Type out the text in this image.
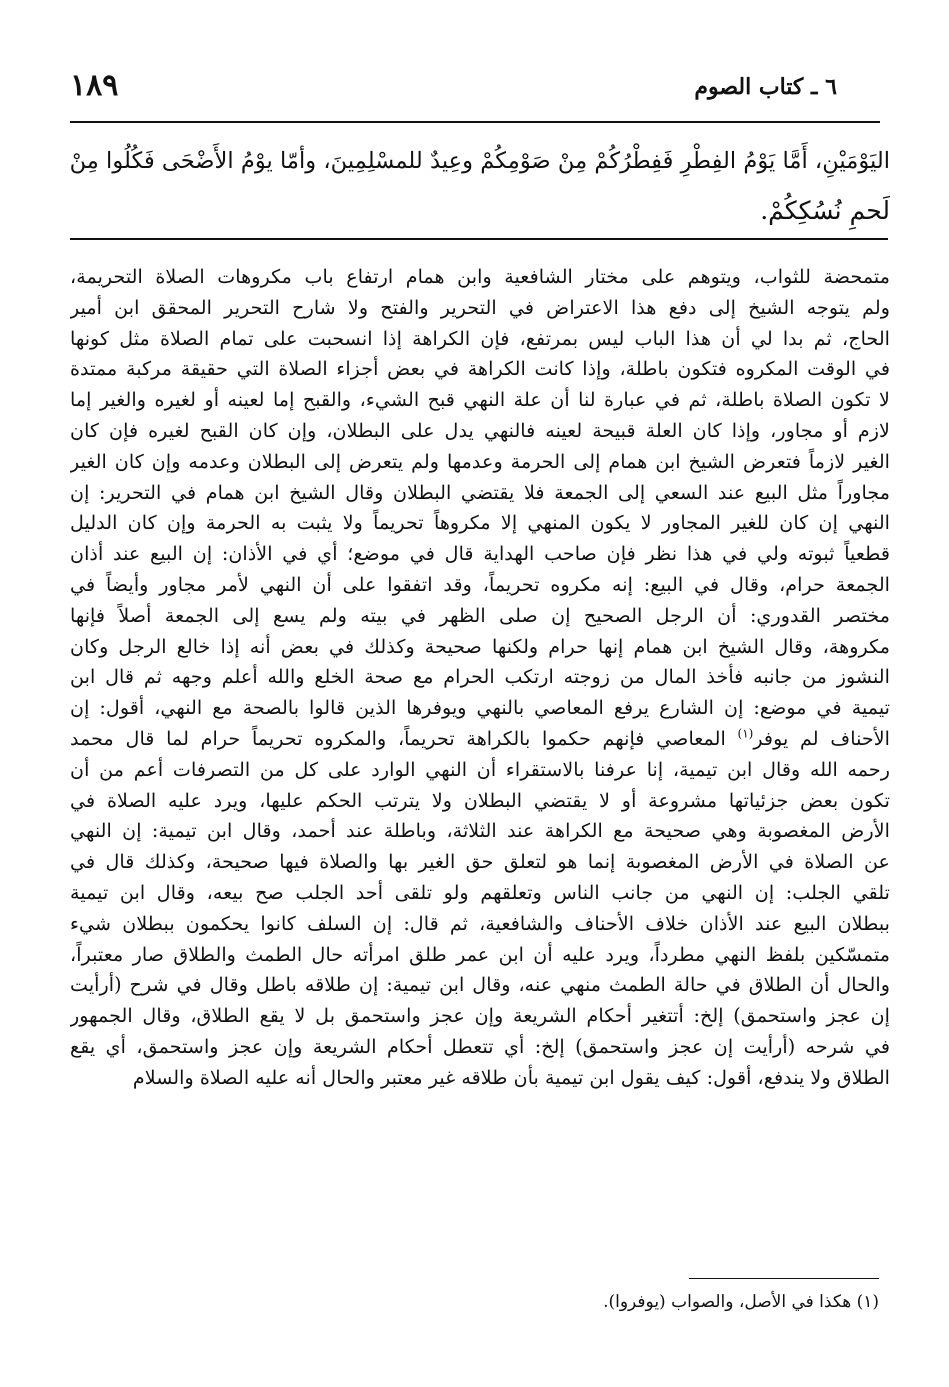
٦ ـ كتاب الصوم
١٨٩
اليَوْمَيْنِ، أَمَّا يَوْمُ الفِطْرِ فَفِطْرُكُمْ مِنْ صَوْمِكُمْ وعِيدٌ للمسْلِمِينَ، وأمّا يوْمُ الأَضْحَى فَكُلُوا مِنْ
لَحمِ نُسُكِكُمْ.
متمحضة للثواب، ويتوهم على مختار الشافعية وابن همام ارتفاع باب مكروهات الصلاة التحريمة،
ولم يتوجه الشيخ إلى دفع هذا الاعتراض في التحرير والفتح ولا شارح التحرير المحقق ابن أمير
الحاج، ثم بدا لي أن هذا الباب ليس بمرتفع، فإن الكراهة إذا انسحبت على تمام الصلاة مثل كونها
في الوقت المكروه فتكون باطلة، وإذا كانت الكراهة في بعض أجزاء الصلاة التي حقيقة مركبة ممتدة
لا تكون الصلاة باطلة، ثم في عبارة لنا أن علة النهي قبح الشيء، والقبح إما لعينه أو لغيره والغير إما
لازم أو مجاور، وإذا كان العلة قبيحة لعينه فالنهي يدل على البطلان، وإن كان القبح لغيره فإن كان
الغير لازماً فتعرض الشيخ ابن همام إلى الحرمة وعدمها ولم يتعرض إلى البطلان وعدمه وإن كان الغير
مجاوراً مثل البيع عند السعي إلى الجمعة فلا يقتضي البطلان وقال الشيخ ابن همام في التحرير: إن
النهي إن كان للغير المجاور لا يكون المنهي إلا مكروهاً تحريماً ولا يثبت به الحرمة وإن كان الدليل
قطعياً ثبوته ولي في هذا نظر فإن صاحب الهداية قال في موضع؛ أي في الأذان: إن البيع عند أذان
الجمعة حرام، وقال في البيع: إنه مكروه تحريماً، وقد اتفقوا على أن النهي لأمر مجاور وأيضاً في
مختصر القدوري: أن الرجل الصحيح إن صلى الظهر في بيته ولم يسع إلى الجمعة أصلاً فإنها
مكروهة، وقال الشيخ ابن همام إنها حرام ولكنها صحيحة وكذلك في بعض أنه إذا خالع الرجل وكان
النشوز من جانبه فأخذ المال من زوجته ارتكب الحرام مع صحة الخلع والله أعلم وجهه ثم قال ابن
تيمية في موضع: إن الشارع يرفع المعاصي بالنهي ويوفرها الذين قالوا بالصحة مع النهي، أقول: إن
الأحناف لم يوفر$^{(١)}$ المعاصي فإنهم حكموا بالكراهة تحريماً، والمكروه تحريماً حرام لما قال محمد
رحمه الله وقال ابن تيمية، إنا عرفنا بالاستقراء أن النهي الوارد على كل من التصرفات أعم من أن
تكون بعض جزئياتها مشروعة أو لا يقتضي البطلان ولا يترتب الحكم عليها، ويرد عليه الصلاة في
الأرض المغصوبة وهي صحيحة مع الكراهة عند الثلاثة، وباطلة عند أحمد، وقال ابن تيمية: إن النهي
عن الصلاة في الأرض المغصوبة إنما هو لتعلق حق الغير بها والصلاة فيها صحيحة، وكذلك قال في
تلقي الجلب: إن النهي من جانب الناس وتعلقهم ولو تلقى أحد الجلب صح بيعه، وقال ابن تيمية
ببطلان البيع عند الأذان خلاف الأحناف والشافعية، ثم قال: إن السلف كانوا يحكمون ببطلان شيء
متمسّكين بلفظ النهي مطرداً، ويرد عليه أن ابن عمر طلق امرأته حال الطمث والطلاق صار معتبراً،
والحال أن الطلاق في حالة الطمث منهي عنه، وقال ابن تيمية: إن طلاقه باطل وقال في شرح (أرأيت
إن عجز واستحمق) إلخ: أتتغير أحكام الشريعة وإن عجز واستحمق بل لا يقع الطلاق، وقال الجمهور
في شرحه (أرأيت إن عجز واستحمق) إلخ: أي تتعطل أحكام الشريعة وإن عجز واستحمق، أي يقع
الطلاق ولا يندفع، أقول: كيف يقول ابن تيمية بأن طلاقه غير معتبر والحال أنه عليه الصلاة والسلام
(١) هكذا في الأصل، والصواب (يوفروا).
